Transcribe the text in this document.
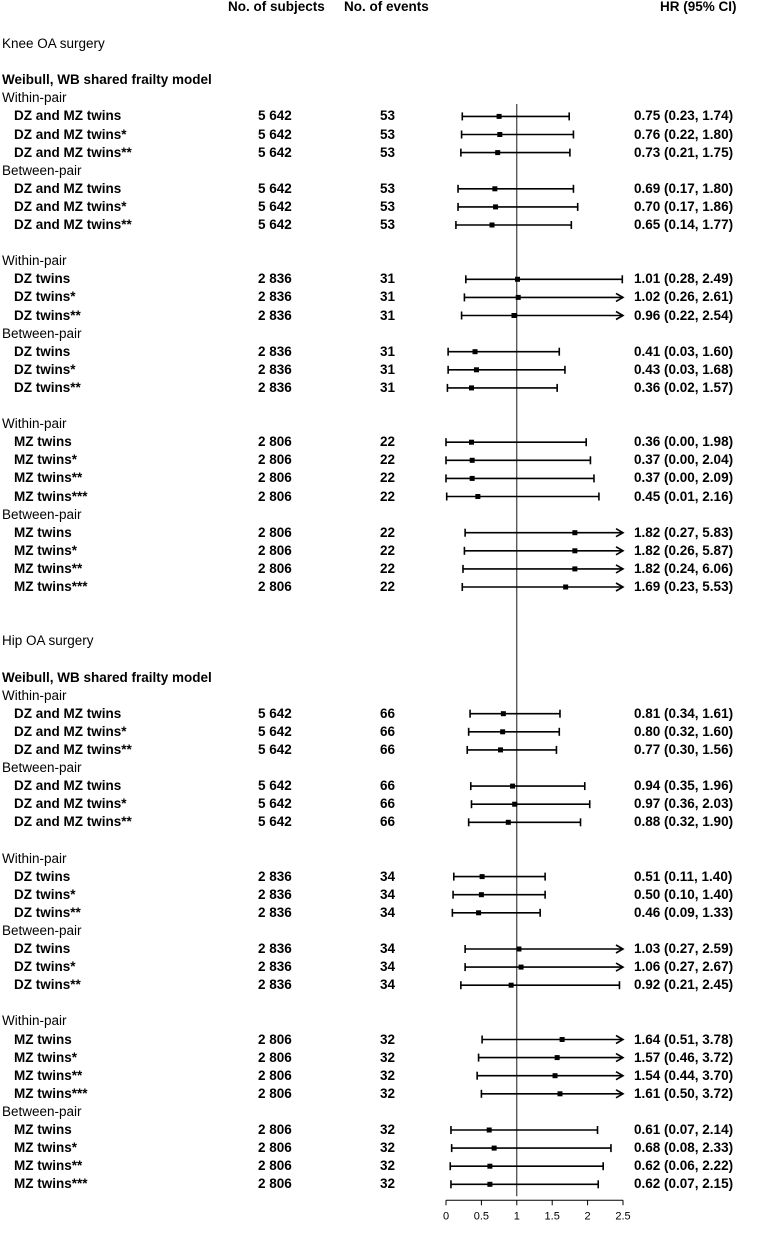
No. of subjects No. of events	HR (95% CI)
0 0.5 1 1.5 2 2.5
Knee OA surgery
Weibull, WB shared frailty model
Within-pair
DZ and MZ twins	5 642	53	0.75 (0.23, 1.74)
DZ and MZ twins*	5 642	53	0.76 (0.22, 1.80)
DZ and MZ twins**	5 642	53	0.73 (0.21, 1.75)
Between-pair
DZ and MZ twins	5 642	53	0.69 (0.17, 1.80)
DZ and MZ twins*	5 642	53	0.70 (0.17, 1.86)
DZ and MZ twins**	5 642	53	0.65 (0.14, 1.77)
Within-pair
DZ twins	2 836	31	1.01 (0.28, 2.49)
DZ twins*	2 836	31	1.02 (0.26, 2.61)
DZ twins**	2 836	31	0.96 (0.22, 2.54)
Between-pair
DZ twins	2 836	31	0.41 (0.03, 1.60)
DZ twins*	2 836	31	0.43 (0.03, 1.68)
DZ twins**	2 836	31	0.36 (0.02, 1.57)
Within-pair
MZ twins	2 806	22	0.36 (0.00, 1.98)
MZ twins*	2 806	22	0.37 (0.00, 2.04)
MZ twins**	2 806	22	0.37 (0.00, 2.09)
MZ twins***	2 806	22	0.45 (0.01, 2.16)
Between-pair
MZ twins	2 806	22	1.82 (0.27, 5.83)
MZ twins*	2 806	22	1.82 (0.26, 5.87)
MZ twins**	2 806	22	1.82 (0.24, 6.06)
MZ twins***	2 806	22	1.69 (0.23, 5.53)
Hip OA surgery
Weibull, WB shared frailty model
Within-pair
DZ and MZ twins	5 642	66	0.81 (0.34, 1.61)
DZ and MZ twins*	5 642	66	0.80 (0.32, 1.60)
DZ and MZ twins**	5 642	66	0.77 (0.30, 1.56)
Between-pair
DZ and MZ twins	5 642	66	0.94 (0.35, 1.96)
DZ and MZ twins*	5 642	66	0.97 (0.36, 2.03)
DZ and MZ twins**	5 642	66	0.88 (0.32, 1.90)
Within-pair
DZ twins	2 836	34	0.51 (0.11, 1.40)
DZ twins*	2 836	34	0.50 (0.10, 1.40)
DZ twins**	2 836	34	0.46 (0.09, 1.33)
Between-pair
DZ twins	2 836	34	1.03 (0.27, 2.59)
DZ twins*	2 836	34	1.06 (0.27, 2.67)
DZ twins**	2 836	34	0.92 (0.21, 2.45)
Within-pair
MZ twins	2 806	32	1.64 (0.51, 3.78)
MZ twins*	2 806	32	1.57 (0.46, 3.72)
MZ twins**	2 806	32	1.54 (0.44, 3.70)
MZ twins***	2 806	32	1.61 (0.50, 3.72)
Between-pair
MZ twins	2 806	32	0.61 (0.07, 2.14)
MZ twins*	2 806	32	0.68 (0.08, 2.33)
MZ twins**	2 806	32	0.62 (0.06, 2.22)
MZ twins***	2 806	32	0.62 (0.07, 2.15)
